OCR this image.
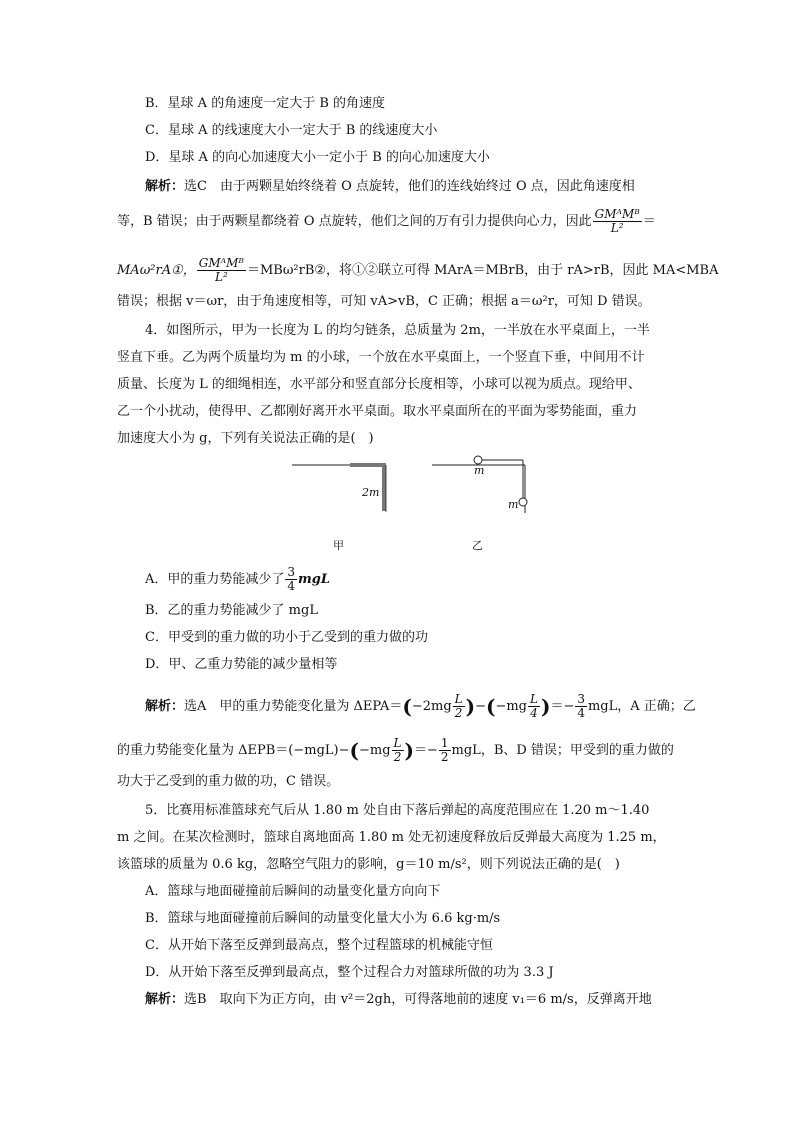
B．星球 A 的角速度一定大于 B 的角速度
C．星球 A 的线速度大小一定大于 B 的线速度大小
D．星球 A 的向心加速度大小一定小于 B 的向心加速度大小
解析：选C　由于两颗星始终绕着 O 点旋转，他们的连线始终过 O 点，因此角速度相
等，B 错误；由于两颗星都绕着 O 点旋转，他们之间的万有引力提供向心力，因此 $\frac{\text{GMᴬMᴮ}}{\text{L²}}$ ＝
MAω²rA①， $\frac{\text{GMᴬMᴮ}}{\text{L²}}$ ＝MBω²rB②，将①②联立可得 MArA＝MBrB，由于 rA>rB，因此 MA<MBA
错误；根据 v＝ωr，由于角速度相等，可知 vA>vB，C 正确；根据 a＝ω²r，可知 D 错误。
4．如图所示，甲为一长度为 L 的均匀链条，总质量为 2m，一半放在水平桌面上，一半
竖直下垂。乙为两个质量均为 m 的小球，一个放在水平桌面上，一个竖直下垂，中间用不计
质量、长度为 L 的细绳相连，水平部分和竖直部分长度相等，小球可以视为质点。现给甲、
乙一个小扰动，使得甲、乙都刚好离开水平桌面。取水平桌面所在的平面为零势能面，重力
加速度大小为 g，下列有关说法正确的是(　)
2m
甲
m
m
乙
A．甲的重力势能减少了 $\frac{3}{4}$ mgL
B．乙的重力势能减少了 mgL
C．甲受到的重力做的功小于乙受到的重力做的功
D．甲、乙重力势能的减少量相等
解析：选A　甲的重力势能变化量为 $\Delta EPA=(-2mg \frac{L}{2} )-(-mg \frac{L}{4}$ )＝− $\frac{3}{4}$ mgL，A 正确；乙
的重力势能变化量为 $\Delta EPB=(-mgL)-(-mg \frac{L}{2}$ )＝− $\frac{1}{2}$ mgL，B、D 错误；甲受到的重力做的
功大于乙受到的重力做的功，C 错误。
5．比赛用标准篮球充气后从 1.80 m 处自由下落后弹起的高度范围应在 1.20 m～1.40
m 之间。在某次检测时，篮球自离地面高 1.80 m 处无初速度释放后反弹最大高度为 1.25 m，
该篮球的质量为 0.6 kg，忽略空气阻力的影响，g＝10 m/s²，则下列说法正确的是(　)
A．篮球与地面碰撞前后瞬间的动量变化量方向向下
B．篮球与地面碰撞前后瞬间的动量变化量大小为 6.6 kg·m/s
C．从开始下落至反弹到最高点，整个过程篮球的机械能守恒
D．从开始下落至反弹到最高点，整个过程合力对篮球所做的功为 3.3 J
解析：选B　取向下为正方向，由 v²＝2gh，可得落地前的速度 v₁＝6 m/s，反弹离开地
